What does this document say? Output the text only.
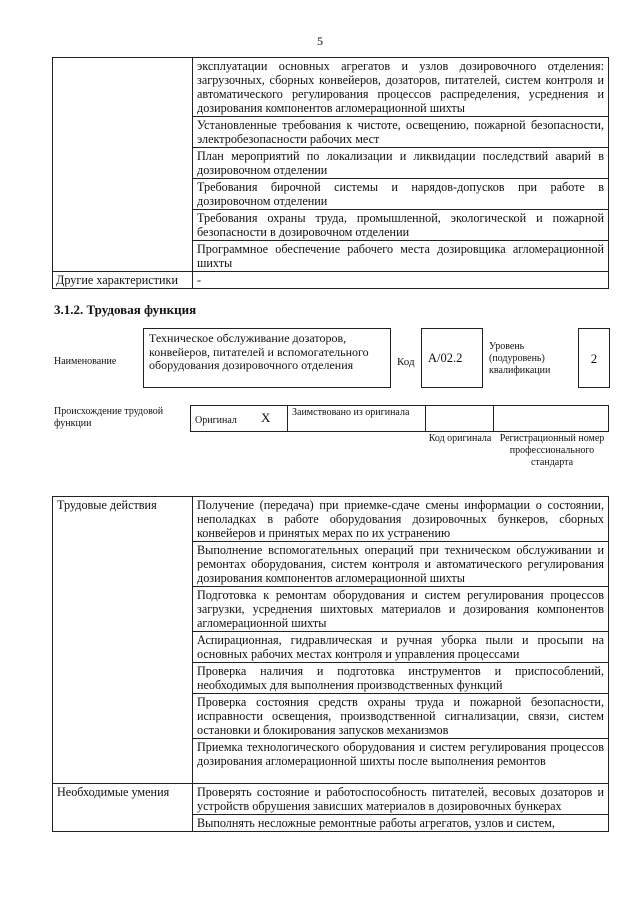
5
	эксплуатации основных агрегатов и узлов дозировочного отделения: загрузочных, сборных конвейеров, дозаторов, питателей, систем контроля и автоматического регулирования процессов распределения, усреднения и дозирования компонентов агломерационной шихты
	Установленные требования к чистоте, освещению, пожарной безопасности, электробезопасности рабочих мест
	План мероприятий по локализации и ликвидации последствий аварий в дозировочном отделении
	Требования бирочной системы и нарядов-допусков при работе в дозировочном отделении
	Требования охраны труда, промышленной, экологической и пожарной безопасности в дозировочном отделении
	Программное обеспечение рабочего места дозировщика агломерационной шихты
Другие характеристики	-
3.1.2. Трудовая функция
Наименование
Техническое обслуживание дозаторов, конвейеров, питателей и вспомогательного оборудования дозировочного отделения	Код А/02.2
Уровень (подуровень) квалификации
2
Происхождение трудовой функции	Оригинал Х	Заимствовано из оригинала		
Код оригинала Регистрационный номер профессионального стандарта
Трудовые действия	Получение (передача) при приемке-сдаче смены информации о состоянии, неполадках в работе оборудования дозировочных бункеров, сборных конвейеров и принятых мерах по их устранению
	Выполнение вспомогательных операций при техническом обслуживании и ремонтах оборудования, систем контроля и автоматического регулирования дозирования компонентов агломерационной шихты
	Подготовка к ремонтам оборудования и систем регулирования процессов загрузки, усреднения шихтовых материалов и дозирования компонентов агломерационной шихты
	Аспирационная, гидравлическая и ручная уборка пыли и просыпи на основных рабочих местах контроля и управления процессами
	Проверка наличия и подготовка инструментов и приспособлений, необходимых для выполнения производственных функций
	Проверка состояния средств охраны труда и пожарной безопасности, исправности освещения, производственной сигнализации, связи, систем остановки и блокирования запусков механизмов
	Приемка технологического оборудования и систем регулирования процессов дозирования агломерационной шихты после выполнения ремонтов
Необходимые умения	Проверять состояние и работоспособность питателей, весовых дозаторов и устройств обрушения зависших материалов в дозировочных бункерах
	Выполнять несложные ремонтные работы агрегатов, узлов и систем,
